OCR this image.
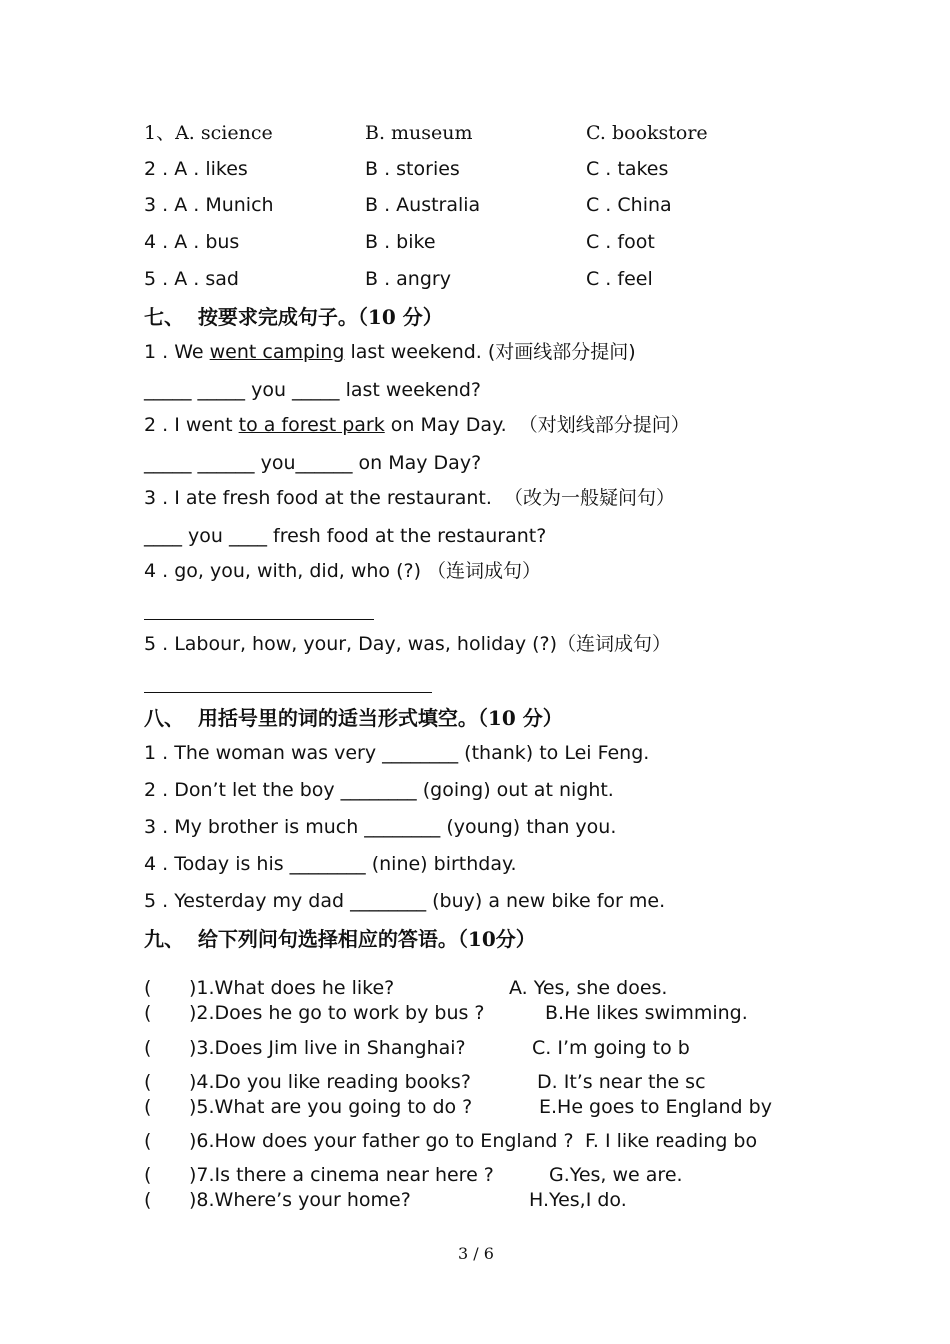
1、A. science	B. museum	C. bookstore
2 . A . likes	B . stories	C . takes
3 . A . Munich	B . Australia	C . China
4 . A . bus	B . bike	C . foot
5 . A . sad	B . angry	C . feel
七、  按要求完成句子。（10 分）
1 . We went camping last weekend. (对画线部分提问)
_____ _____ you _____ last weekend?
2 . I went to a forest park on May Day.  （对划线部分提问）
_____ ______ you______ on May Day?
3 . I ate fresh food at the restaurant.  （改为一般疑问句）
____ you ____ fresh food at the restaurant?
4 . go, you, with, did, who (?) （连词成句）
5 . Labour, how, your, Day, was, holiday (?)（连词成句）
八、  用括号里的词的适当形式填空。（10 分）
1 . The woman was very ________ (thank) to Lei Feng.
2 . Don’t let the boy ________ (going) out at night.
3 . My brother is much ________ (young) than you.
4 . Today is his ________ (nine) birthday.
5 . Yesterday my dad ________ (buy) a new bike for me.
九、  给下列问句选择相应的答语。（10分）
( )1.What does he like?	A. Yes, she does.
( )2.Does he go to work by bus ?	B.He likes swimming.
( )3.Does Jim live in Shanghai?	C. I’m going to b
( )4.Do you like reading books?	D. It’s near the sc
( )5.What are you going to do ?	E.He goes to England by
( )6.How does your father go to England ? F. I like reading bo
( )7.Is there a cinema near here ?	G.Yes, we are.
( )8.Where’s your home?	H.Yes,I do.
3 / 6
